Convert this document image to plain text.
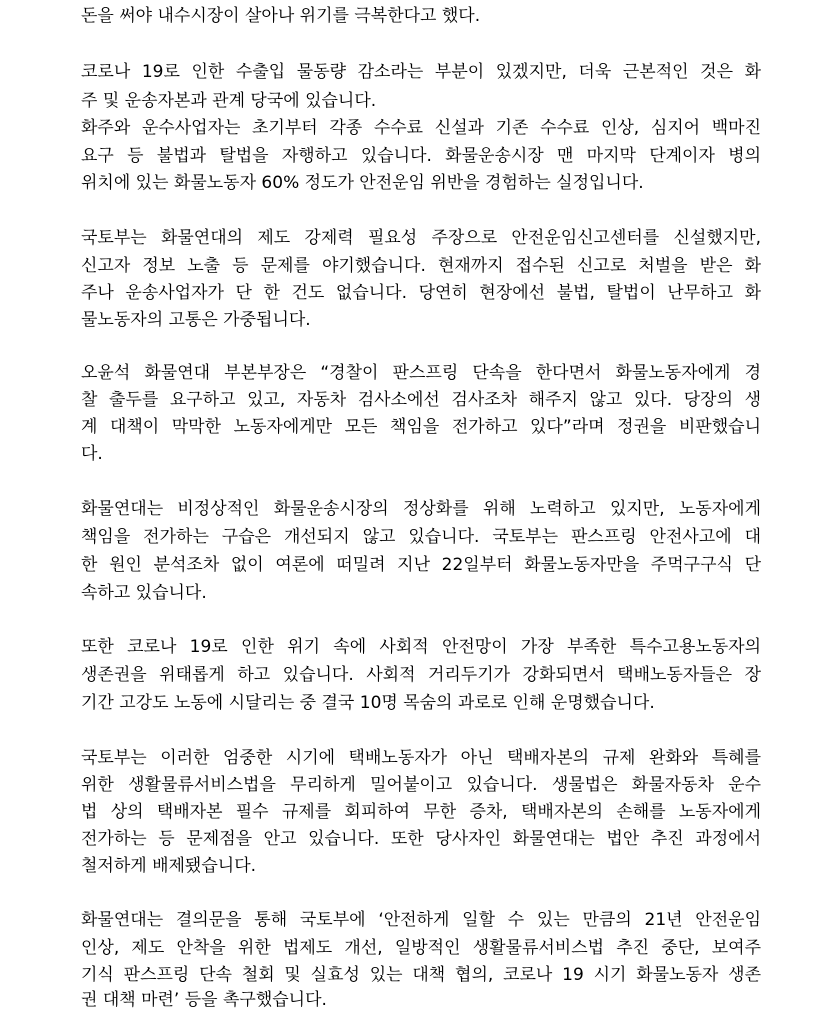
돈을 써야 내수시장이 살아나 위기를 극복한다고 했다.
코로나 19로 인한 수출입 물동량 감소라는 부분이 있겠지만, 더욱 근본적인 것은 화
주 및 운송자본과 관계 당국에 있습니다.
화주와 운수사업자는 초기부터 각종 수수료 신설과 기존 수수료 인상, 심지어 백마진
요구 등 불법과 탈법을 자행하고 있습니다. 화물운송시장 맨 마지막 단계이자 병의
위치에 있는 화물노동자 60% 정도가 안전운임 위반을 경험하는 실정입니다.
국토부는 화물연대의 제도 강제력 필요성 주장으로 안전운임신고센터를 신설했지만,
신고자 정보 노출 등 문제를 야기했습니다. 현재까지 접수된 신고로 처벌을 받은 화
주나 운송사업자가 단 한 건도 없습니다. 당연히 현장에선 불법, 탈법이 난무하고 화
물노동자의 고통은 가중됩니다.
오윤석 화물연대 부본부장은 “경찰이 판스프링 단속을 한다면서 화물노동자에게 경
찰 출두를 요구하고 있고, 자동차 검사소에선 검사조차 해주지 않고 있다. 당장의 생
계 대책이 막막한 노동자에게만 모든 책임을 전가하고 있다”라며 정권을 비판했습니
다.
화물연대는 비정상적인 화물운송시장의 정상화를 위해 노력하고 있지만, 노동자에게
책임을 전가하는 구습은 개선되지 않고 있습니다. 국토부는 판스프링 안전사고에 대
한 원인 분석조차 없이 여론에 떠밀려 지난 22일부터 화물노동자만을 주먹구구식 단
속하고 있습니다.
또한 코로나 19로 인한 위기 속에 사회적 안전망이 가장 부족한 특수고용노동자의
생존권을 위태롭게 하고 있습니다. 사회적 거리두기가 강화되면서 택배노동자들은 장
기간 고강도 노동에 시달리는 중 결국 10명 목숨의 과로로 인해 운명했습니다.
국토부는 이러한 엄중한 시기에 택배노동자가 아닌 택배자본의 규제 완화와 특혜를
위한 생활물류서비스법을 무리하게 밀어붙이고 있습니다. 생물법은 화물자동차 운수
법 상의 택배자본 필수 규제를 회피하여 무한 증차, 택배자본의 손해를 노동자에게
전가하는 등 문제점을 안고 있습니다. 또한 당사자인 화물연대는 법안 추진 과정에서
철저하게 배제됐습니다.
화물연대는 결의문을 통해 국토부에 ‘안전하게 일할 수 있는 만큼의 21년 안전운임
인상, 제도 안착을 위한 법제도 개선, 일방적인 생활물류서비스법 추진 중단, 보여주
기식 판스프링 단속 철회 및 실효성 있는 대책 협의, 코로나 19 시기 화물노동자 생존
권 대책 마련’ 등을 촉구했습니다.
